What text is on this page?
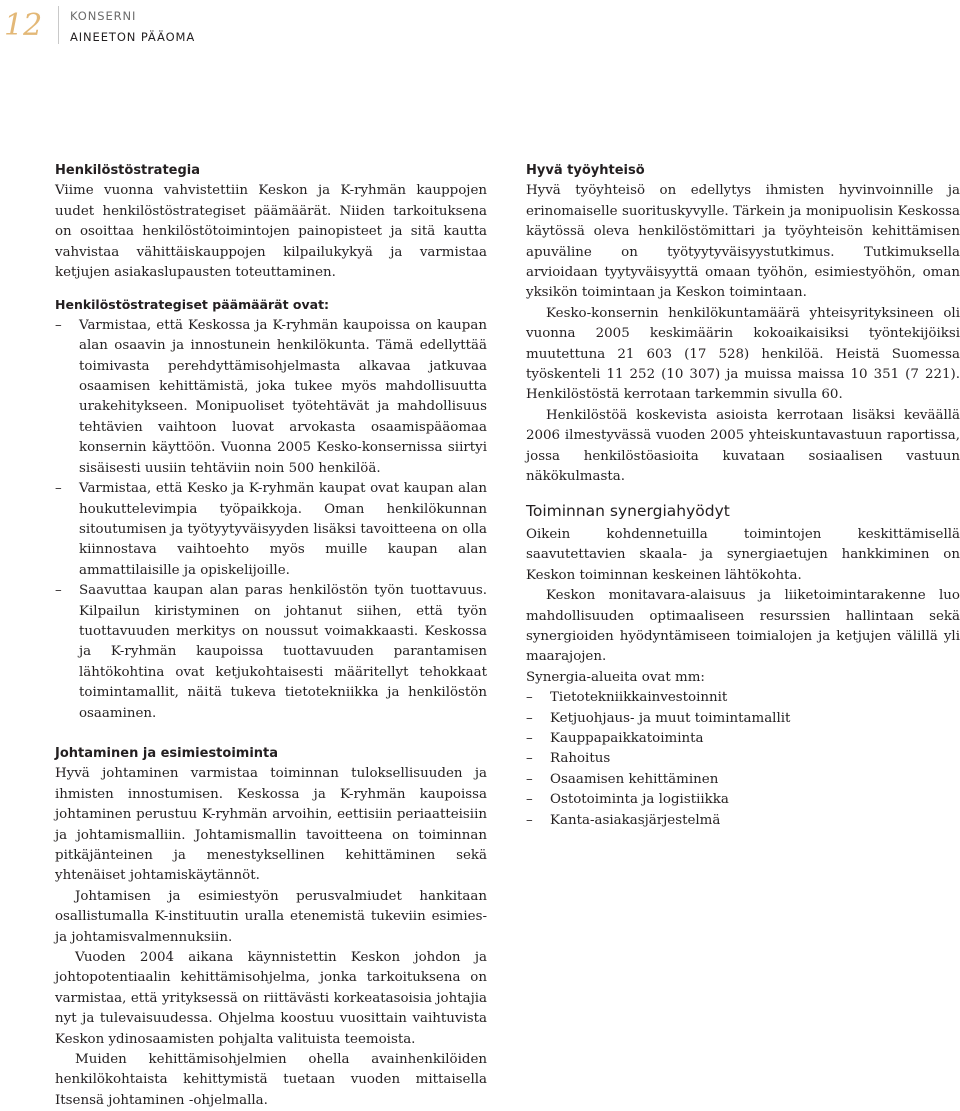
12 KONSERNI
AINEETON PÄÄOMA
Henkilöstöstrategia

Viime vuonna vahvistettiin Keskon ja K-ryhmän kauppojen uudet henkilöstöstrategiset päämäärät. Niiden tarkoituksena on osoittaa henkilöstötoimintojen painopisteet ja sitä kautta vahvistaa vähittäiskauppojen kilpailukykyä ja varmistaa ketjujen asiakaslupausten toteuttaminen.

Henkilöstöstrategiset päämäärät ovat:
– Varmistaa, että Keskossa ja K-ryhmän kaupoissa on kaupan alan osaavin ja innostunein henkilökunta. Tämä edellyttää toimivasta perehdyttämisohjelmasta alkavaa jatkuvaa osaamisen kehittämistä, joka tukee myös mahdollisuutta urakehitykseen. Monipuoliset työtehtävät ja mahdollisuus tehtävien vaihtoon luovat arvokasta osaamispääomaa konsernin käyttöön. Vuonna 2005 Kesko-konsernissa siirtyi sisäisesti uusiin tehtäviin noin 500 henkilöä.
– Varmistaa, että Kesko ja K-ryhmän kaupat ovat kaupan alan houkuttelevimpia työpaikkoja. Oman henkilökunnan sitoutumisen ja työtyytyväisyyden lisäksi tavoitteena on olla kiinnostava vaihtoehto myös muille kaupan alan ammattilaisille ja opiskelijoille.
– Saavuttaa kaupan alan paras henkilöstön työn tuottavuus. Kilpailun kiristyminen on johtanut siihen, että työn tuottavuuden merkitys on noussut voimakkaasti. Keskossa ja K-ryhmän kaupoissa tuottavuuden parantamisen lähtökohtina ovat ketjukohtaisesti määritellyt tehokkaat toimintamallit, näitä tukeva tietotekniikka ja henkilöstön osaaminen.
Johtaminen ja esimiestoiminta

Hyvä johtaminen varmistaa toiminnan tuloksellisuuden ja ihmisten innostumisen. Keskossa ja K-ryhmän kaupoissa johtaminen perustuu K-ryhmän arvoihin, eettisiin periaatteisiin ja johtamismalliin. Johtamismallin tavoitteena on toiminnan pitkäjänteinen ja menestyksellinen kehittäminen sekä yhtenäiset johtamiskäytännöt.

Johtamisen ja esimiestyön perusvalmiudet hankitaan osallistumalla K-instituutin uralla etenemistä tukeviin esimies- ja johtamisvalmennuksiin.

Vuoden 2004 aikana käynnistettin Keskon johdon ja johtopotentiaalin kehittämisohjelma, jonka tarkoituksena on varmistaa, että yrityksessä on riittävästi korkeatasoisia johtajia nyt ja tulevaisuudessa. Ohjelma koostuu vuosittain vaihtuvista Keskon ydinosaamisten pohjalta valituista teemoista.

Muiden kehittämisohjelmien ohella avainhenkilöiden henkilökohtaista kehittymistä tuetaan vuoden mittaisella Itsensä johtaminen -ohjelmalla.

Hyvä työyhteisö

Hyvä työyhteisö on edellytys ihmisten hyvinvoinnille ja erinomaiselle suorituskyvylle. Tärkein ja monipuolisin Keskossa käytössä oleva henkilöstömittari ja työyhteisön kehittämisen apuväline on työtyytyväisyystutkimus. Tutkimuksella arvioidaan tyytyväisyyttä omaan työhön, esimiestyöhön, oman yksikön toimintaan ja Keskon toimintaan.

Kesko-konsernin henkilökuntamäärä yhteisyrityksineen oli vuonna 2005 keskimäärin kokoaikaisiksi työntekijöiksi muutettuna 21 603 (17 528) henkilöä. Heistä Suomessa työskenteli 11 252 (10 307) ja muissa maissa 10 351 (7 221). Henkilöstöstä kerrotaan tarkemmin sivulla 60.

Henkilöstöä koskevista asioista kerrotaan lisäksi keväällä 2006 ilmestyvässä vuoden 2005 yhteiskuntavastuun raportissa, jossa henkilöstöasioita kuvataan sosiaalisen vastuun näkökulmasta.

Toiminnan synergiahyödyt

Oikein kohdennetuilla toimintojen keskittämisellä saavutettavien skaala- ja synergiaetujen hankkiminen on Keskon toiminnan keskeinen lähtökohta.

Keskon monitavara-alaisuus ja liiketoimintarakenne luo mahdollisuuden optimaaliseen resurssien hallintaan sekä synergioiden hyödyntämiseen toimialojen ja ketjujen välillä yli maarajojen.

Synergia-alueita ovat mm:

– Tietotekniikkainvestoinnit
– Ketjuohjaus- ja muut toimintamallit
– Kauppapaikkatoiminta
– Rahoitus
– Osaamisen kehittäminen
– Ostotoiminta ja logistiikka
– Kanta-asiakasjärjestelmä
